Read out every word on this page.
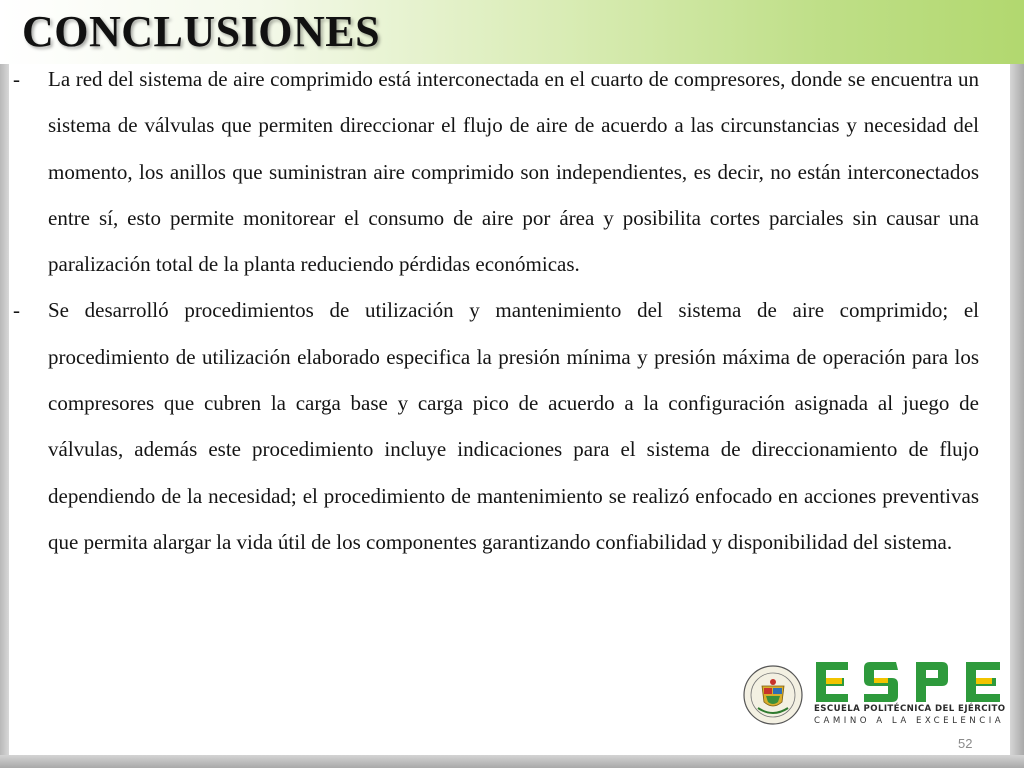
CONCLUSIONES

- La red del sistema de aire comprimido está interconectada en el cuarto de compresores, donde se encuentra un sistema de válvulas que permiten direccionar el flujo de aire de acuerdo a las circunstancias y necesidad del momento, los anillos que suministran aire comprimido son independientes, es decir, no están interconectados entre sí, esto permite monitorear el consumo de aire por área y posibilita cortes parciales sin causar una paralización total de la planta reduciendo pérdidas económicas.

- Se desarrolló procedimientos de utilización y mantenimiento del sistema de aire comprimido; el procedimiento de utilización elaborado especifica la presión mínima y presión máxima de operación para los compresores que cubren la carga base y carga pico de acuerdo a la configuración asignada al juego de válvulas, además este procedimiento incluye indicaciones para el sistema de direccionamiento de flujo dependiendo de la necesidad; el procedimiento de mantenimiento se realizó enfocado en acciones preventivas que permita alargar la vida útil de los componentes garantizando confiabilidad y disponibilidad del sistema.

ESCUELA POLITÉCNICA DEL EJÉRCITO
CAMINO A LA EXCELENCIA
52
